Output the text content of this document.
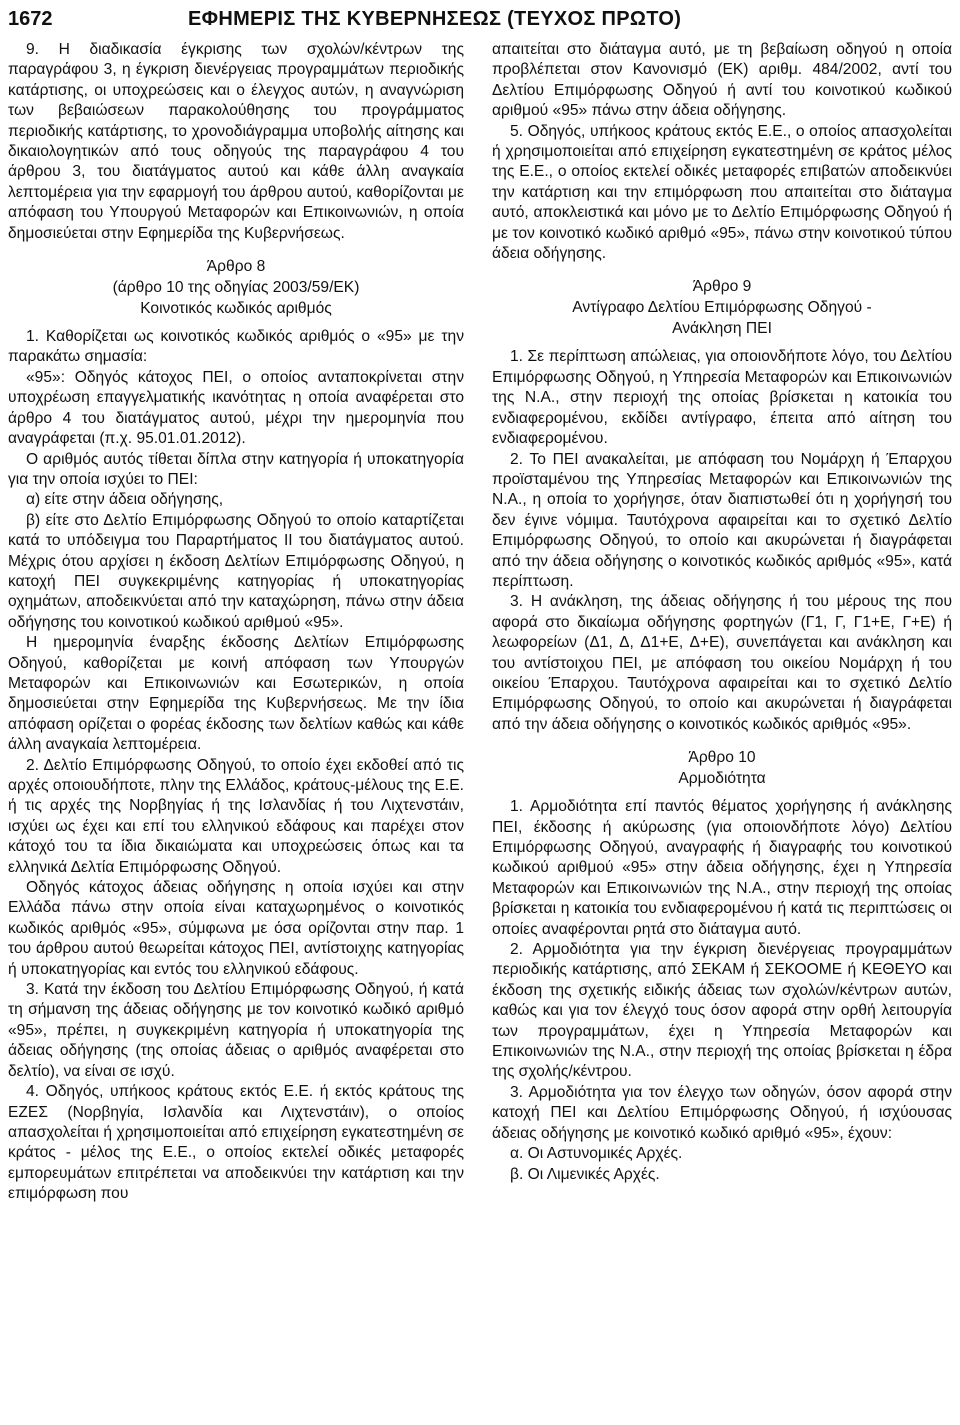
1672	ΕΦΗΜΕΡΙΣ ΤΗΣ ΚΥΒΕΡΝΗΣΕΩΣ (ΤΕΥΧΟΣ ΠΡΩΤΟ)

9. Η διαδικασία έγκρισης των σχολών/κέντρων της παραγράφου 3, η έγκριση διενέργειας προγραμμάτων περιοδικής κατάρτισης, οι υποχρεώσεις και ο έλεγχος αυτών, η αναγνώριση των βεβαιώσεων παρακολούθησης του προγράμματος περιοδικής κατάρτισης, το χρονοδιάγραμμα υποβολής αίτησης και δικαιολογητικών από τους οδηγούς της παραγράφου 4 του άρθρου 3, του διατάγματος αυτού και κάθε άλλη αναγκαία λεπτομέρεια για την εφαρμογή του άρθρου αυτού, καθορίζονται με απόφαση του Υπουργού Μεταφορών και Επικοινωνιών, η οποία δημοσιεύεται στην Εφημερίδα της Κυβερνήσεως.

Άρθρο 8
(άρθρο 10 της οδηγίας 2003/59/ΕΚ)
Κοινοτικός κωδικός αριθμός

1. Καθορίζεται ως κοινοτικός κωδικός αριθμός ο «95» με την παρακάτω σημασία:

«95»: Οδηγός κάτοχος ΠΕΙ, ο οποίος ανταποκρίνεται στην υποχρέωση επαγγελματικής ικανότητας η οποία αναφέρεται στο άρθρο 4 του διατάγματος αυτού, μέχρι την ημερομηνία που αναγράφεται (π.χ. 95.01.01.2012).

Ο αριθμός αυτός τίθεται δίπλα στην κατηγορία ή υποκατηγορία για την οποία ισχύει το ΠΕΙ:

α) είτε στην άδεια οδήγησης,

β) είτε στο Δελτίο Επιμόρφωσης Οδηγού το οποίο καταρτίζεται κατά το υπόδειγμα του Παραρτήματος ΙΙ του διατάγματος αυτού. Μέχρις ότου αρχίσει η έκδοση Δελτίων Επιμόρφωσης Οδηγού, η κατοχή ΠΕΙ συγκεκριμένης κατηγορίας ή υποκατηγορίας οχημάτων, αποδεικνύεται από την καταχώρηση, πάνω στην άδεια οδήγησης του κοινοτικού κωδικού αριθμού «95».

Η ημερομηνία έναρξης έκδοσης Δελτίων Επιμόρφωσης Οδηγού, καθορίζεται με κοινή απόφαση των Υπουργών Μεταφορών και Επικοινωνιών και Εσωτερικών, η οποία δημοσιεύεται στην Εφημερίδα της Κυβερνήσεως. Με την ίδια απόφαση ορίζεται ο φορέας έκδοσης των δελτίων καθώς και κάθε άλλη αναγκαία λεπτομέρεια.

2. Δελτίο Επιμόρφωσης Οδηγού, το οποίο έχει εκδοθεί από τις αρχές οποιουδήποτε, πλην της Ελλάδος, κράτους-μέλους της Ε.Ε. ή τις αρχές της Νορβηγίας ή της Ισλανδίας ή του Λιχτενστάιν, ισχύει ως έχει και επί του ελληνικού εδάφους και παρέχει στον κάτοχό του τα ίδια δικαιώματα και υποχρεώσεις όπως και τα ελληνικά Δελτία Επιμόρφωσης Οδηγού.

Οδηγός κάτοχος άδειας οδήγησης η οποία ισχύει και στην Ελλάδα πάνω στην οποία είναι καταχωρημένος ο κοινοτικός κωδικός αριθμός «95», σύμφωνα με όσα ορίζονται στην παρ. 1 του άρθρου αυτού θεωρείται κάτοχος ΠΕΙ, αντίστοιχης κατηγορίας ή υποκατηγορίας και εντός του ελληνικού εδάφους.

3. Κατά την έκδοση του Δελτίου Επιμόρφωσης Οδηγού, ή κατά τη σήμανση της άδειας οδήγησης με τον κοινοτικό κωδικό αριθμό «95», πρέπει, η συγκεκριμένη κατηγορία ή υποκατηγορία της άδειας οδήγησης (της οποίας άδειας ο αριθμός αναφέρεται στο δελτίο), να είναι σε ισχύ.

4. Οδηγός, υπήκοος κράτους εκτός Ε.Ε. ή εκτός κράτους της ΕΖΕΣ (Νορβηγία, Ισλανδία και Λιχτενστάιν), ο οποίος απασχολείται ή χρησιμοποιείται από επιχείρηση εγκατεστημένη σε κράτος - μέλος της Ε.Ε., ο οποίος εκτελεί οδικές μεταφορές εμπορευμάτων επιτρέπεται να αποδεικνύει την κατάρτιση και την επιμόρφωση που

απαιτείται στο διάταγμα αυτό, με τη βεβαίωση οδηγού η οποία προβλέπεται στον Κανονισμό (ΕΚ) αριθμ. 484/2002, αντί του Δελτίου Επιμόρφωσης Οδηγού ή αντί του κοινοτικού κωδικού αριθμού «95» πάνω στην άδεια οδήγησης.

5. Οδηγός, υπήκοος κράτους εκτός Ε.Ε., ο οποίος απασχολείται ή χρησιμοποιείται από επιχείρηση εγκατεστημένη σε κράτος μέλος της Ε.Ε., ο οποίος εκτελεί οδικές μεταφορές επιβατών αποδεικνύει την κατάρτιση και την επιμόρφωση που απαιτείται στο διάταγμα αυτό, αποκλειστικά και μόνο με το Δελτίο Επιμόρφωσης Οδηγού ή με τον κοινοτικό κωδικό αριθμό «95», πάνω στην κοινοτικού τύπου άδεια οδήγησης.

Άρθρο 9
Αντίγραφο Δελτίου Επιμόρφωσης Οδηγού -
Ανάκληση ΠΕΙ

1. Σε περίπτωση απώλειας, για οποιονδήποτε λόγο, του Δελτίου Επιμόρφωσης Οδηγού, η Υπηρεσία Μεταφορών και Επικοινωνιών της Ν.Α., στην περιοχή της οποίας βρίσκεται η κατοικία του ενδιαφερομένου, εκδίδει αντίγραφο, έπειτα από αίτηση του ενδιαφερομένου.

2. Το ΠΕΙ ανακαλείται, με απόφαση του Νομάρχη ή Έπαρχου προϊσταμένου της Υπηρεσίας Μεταφορών και Επικοινωνιών της Ν.Α., η οποία το χορήγησε, όταν διαπιστωθεί ότι η χορήγησή του δεν έγινε νόμιμα. Ταυτόχρονα αφαιρείται και το σχετικό Δελτίο Επιμόρφωσης Οδηγού, το οποίο και ακυρώνεται ή διαγράφεται από την άδεια οδήγησης ο κοινοτικός κωδικός αριθμός «95», κατά περίπτωση.

3. Η ανάκληση, της άδειας οδήγησης ή του μέρους της που αφορά στο δικαίωμα οδήγησης φορτηγών (Γ1, Γ, Γ1+Ε, Γ+Ε) ή λεωφορείων (Δ1, Δ, Δ1+Ε, Δ+Ε), συνεπάγεται και ανάκληση και του αντίστοιχου ΠΕΙ, με απόφαση του οικείου Νομάρχη ή του οικείου Έπαρχου. Ταυτόχρονα αφαιρείται και το σχετικό Δελτίο Επιμόρφωσης Οδηγού, το οποίο και ακυρώνεται ή διαγράφεται από την άδεια οδήγησης ο κοινοτικός κωδικός αριθμός «95».

Άρθρο 10
Αρμοδιότητα

1. Αρμοδιότητα επί παντός θέματος χορήγησης ή ανάκλησης ΠΕΙ, έκδοσης ή ακύρωσης (για οποιονδήποτε λόγο) Δελτίου Επιμόρφωσης Οδηγού, αναγραφής ή διαγραφής του κοινοτικού κωδικού αριθμού «95» στην άδεια οδήγησης, έχει η Υπηρεσία Μεταφορών και Επικοινωνιών της Ν.Α., στην περιοχή της οποίας βρίσκεται η κατοικία του ενδιαφερομένου ή κατά τις περιπτώσεις οι οποίες αναφέρονται ρητά στο διάταγμα αυτό.

2. Αρμοδιότητα για την έγκριση διενέργειας προγραμμάτων περιοδικής κατάρτισης, από ΣΕΚΑΜ ή ΣΕΚΟΟΜΕ ή ΚΕΘΕΥΟ και έκδοση της σχετικής ειδικής άδειας των σχολών/κέντρων αυτών, καθώς και για τον έλεγχό τους όσον αφορά στην ορθή λειτουργία των προγραμμάτων, έχει η Υπηρεσία Μεταφορών και Επικοινωνιών της Ν.Α., στην περιοχή της οποίας βρίσκεται η έδρα της σχολής/κέντρου.

3. Αρμοδιότητα για τον έλεγχο των οδηγών, όσον αφορά στην κατοχή ΠΕΙ και Δελτίου Επιμόρφωσης Οδηγού, ή ισχύουσας άδειας οδήγησης με κοινοτικό κωδικό αριθμό «95», έχουν:

α. Οι Αστυνομικές Αρχές.

β. Οι Λιμενικές Αρχές.
